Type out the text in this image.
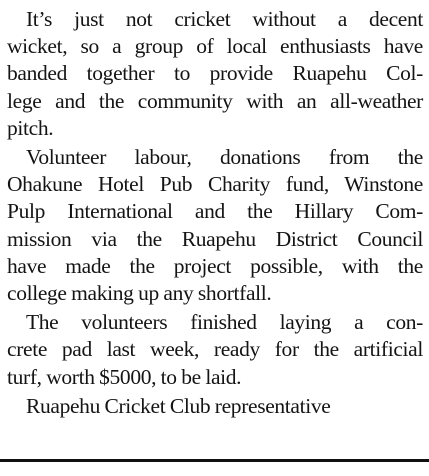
It’s just not cricket without a decent
wicket, so a group of local enthusiasts have
banded together to provide Ruapehu Col-
lege and the community with an all-weather
pitch.

Volunteer labour, donations from the
Ohakune Hotel Pub Charity fund, Winstone
Pulp International and the Hillary Com-
mission via the Ruapehu District Council
have made the project possible, with the
college making up any shortfall.

The volunteers finished laying a con-
crete pad last week, ready for the artificial
turf, worth $5000, to be laid.

Ruapehu Cricket Club representative
